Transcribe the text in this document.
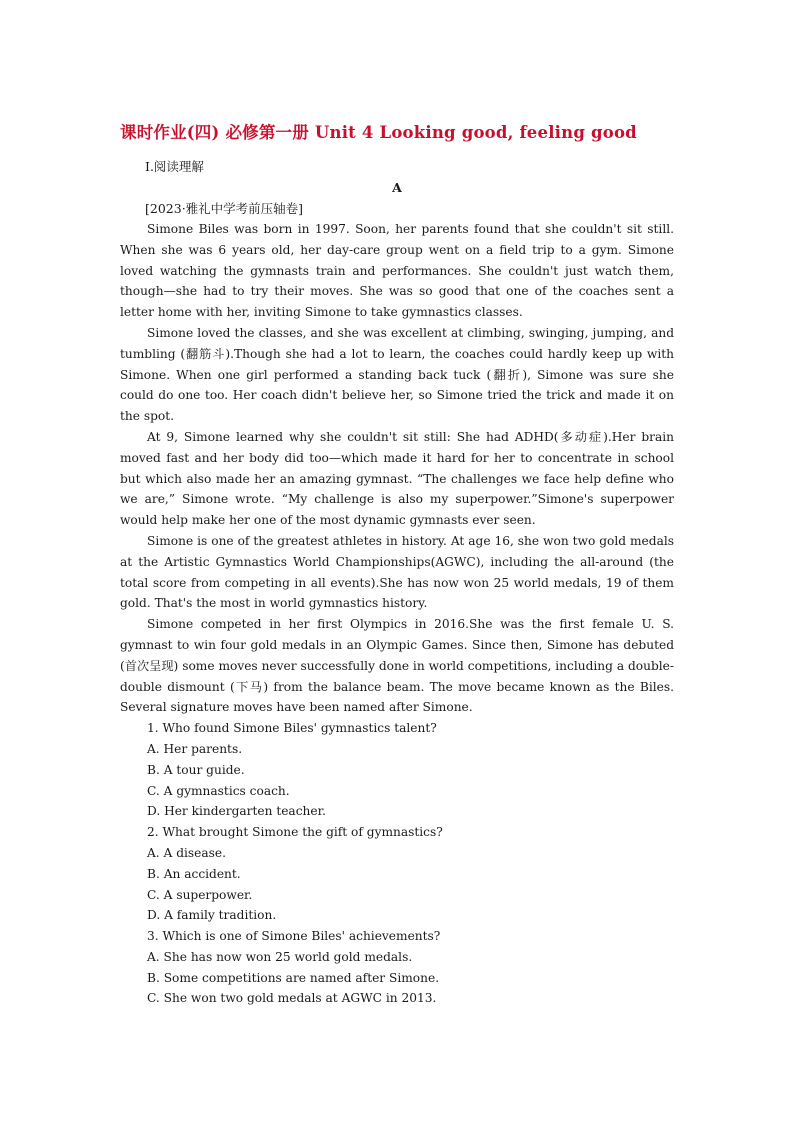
课时作业(四) 必修第一册 Unit 4 Looking good, feeling good
Ⅰ.阅读理解
A
[2023·雅礼中学考前压轴卷]

Simone Biles was born in 1997. Soon, her parents found that she couldn't sit still. When she was 6 years old, her day-care group went on a field trip to a gym. Simone loved watching the gymnasts train and performances. She couldn't just watch them, though—she had to try their moves. She was so good that one of the coaches sent a letter home with her, inviting Simone to take gymnastics classes.

Simone loved the classes, and she was excellent at climbing, swinging, jumping, and tumbling (翻筋斗).Though she had a lot to learn, the coaches could hardly keep up with Simone. When one girl performed a standing back tuck (翻折), Simone was sure she could do one too. Her coach didn't believe her, so Simone tried the trick and made it on the spot.

At 9, Simone learned why she couldn't sit still: She had ADHD(多动症).Her brain moved fast and her body did too—which made it hard for her to concentrate in school but which also made her an amazing gymnast. “The challenges we face help define who we are,” Simone wrote. “My challenge is also my superpower.”Simone's superpower would help make her one of the most dynamic gymnasts ever seen.

Simone is one of the greatest athletes in history. At age 16, she won two gold medals at the Artistic Gymnastics World Championships(AGWC), including the all-around (the total score from competing in all events).She has now won 25 world medals, 19 of them gold. That's the most in world gymnastics history.

Simone competed in her first Olympics in 2016.She was the first female U. S. gymnast to win four gold medals in an Olympic Games. Since then, Simone has debuted (首次呈现) some moves never successfully done in world competitions, including a double-double dismount (下马) from the balance beam. The move became known as the Biles. Several signature moves have been named after Simone.

1. Who found Simone Biles' gymnastics talent?

A. Her parents.

B. A tour guide.

C. A gymnastics coach.

D. Her kindergarten teacher.

2. What brought Simone the gift of gymnastics?

A. A disease.

B. An accident.

C. A superpower.

D. A family tradition.

3. Which is one of Simone Biles' achievements?

A. She has now won 25 world gold medals.

B. Some competitions are named after Simone.

C. She won two gold medals at AGWC in 2013.
